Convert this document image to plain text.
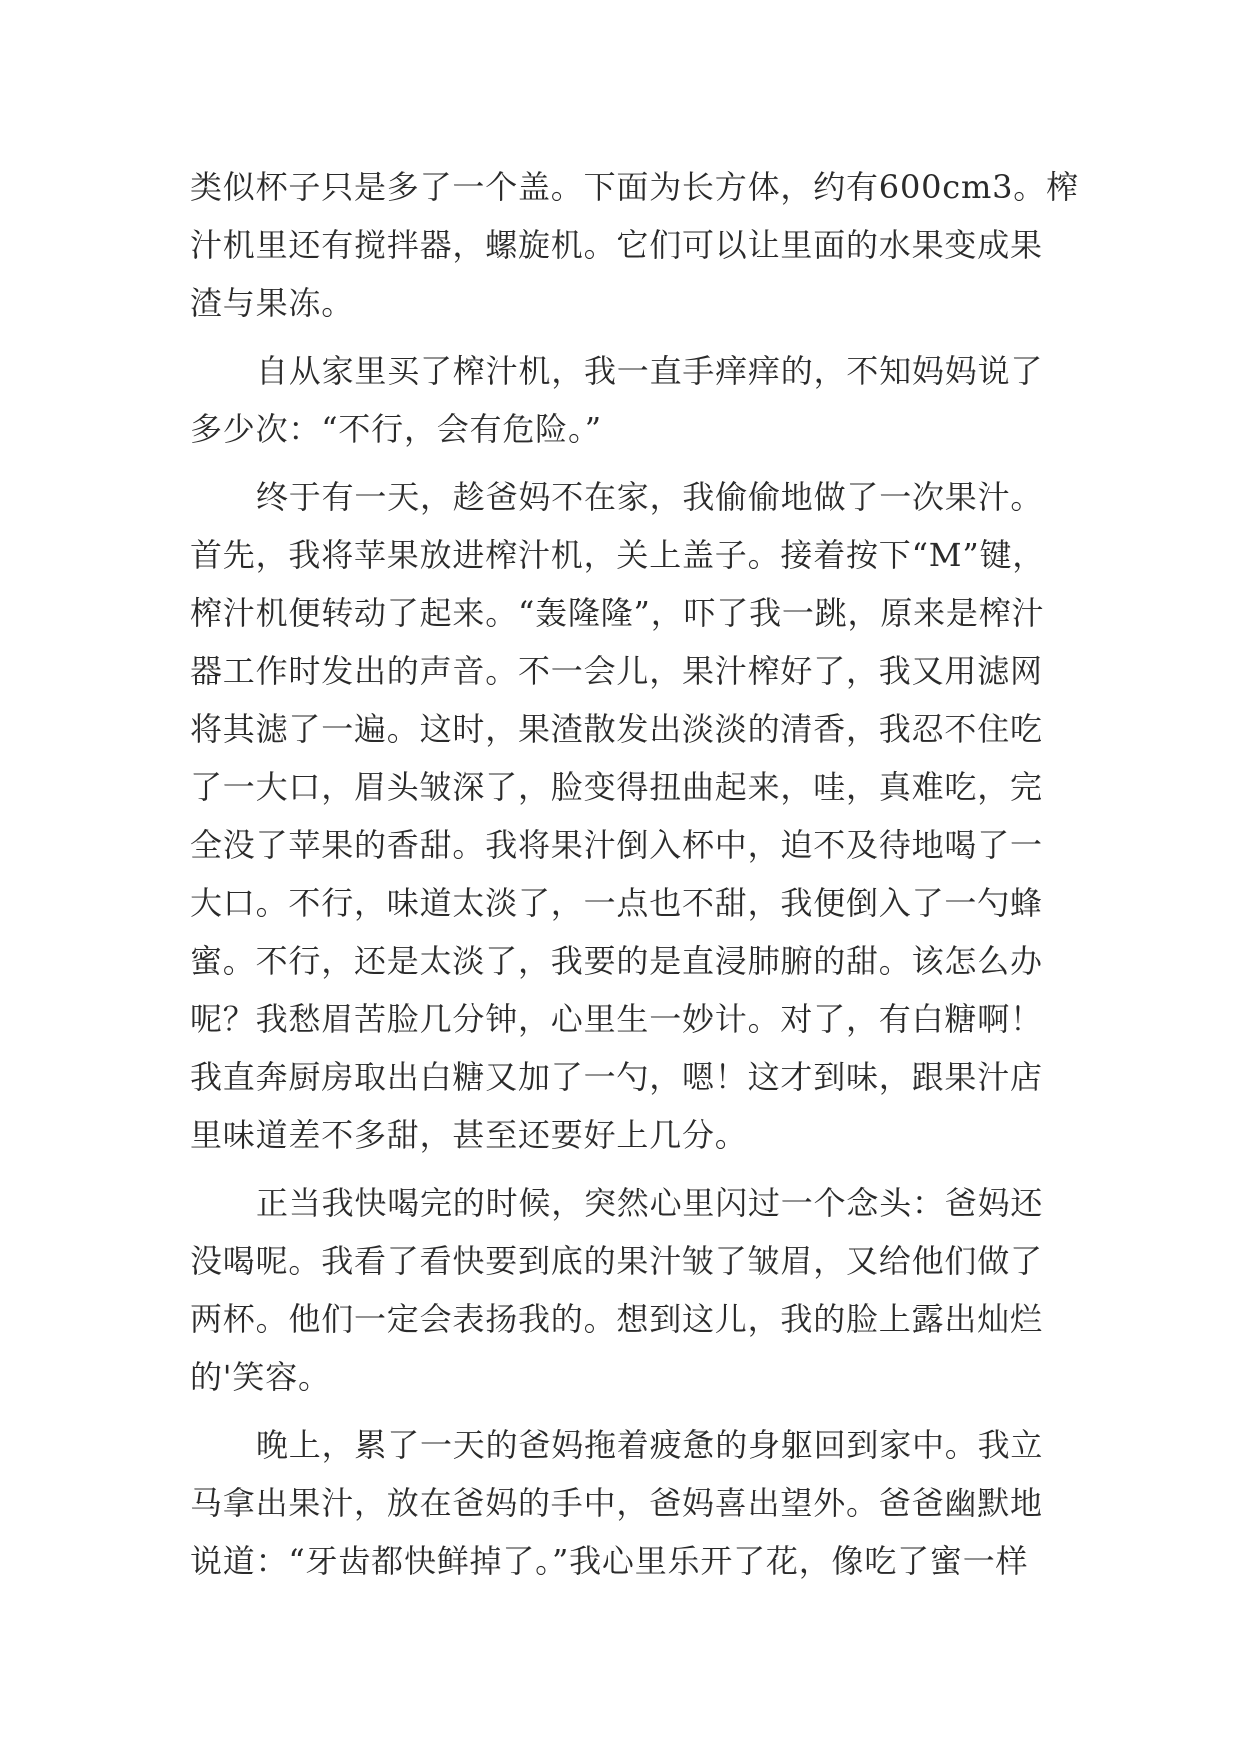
类似杯子只是多了一个盖。下面为长方体，约有600cm3。榨
汁机里还有搅拌器，螺旋机。它们可以让里面的水果变成果
渣与果冻。
自从家里买了榨汁机，我一直手痒痒的，不知妈妈说了
多少次：“不行，会有危险。”
终于有一天，趁爸妈不在家，我偷偷地做了一次果汁。
首先，我将苹果放进榨汁机，关上盖子。接着按下“M”键，
榨汁机便转动了起来。“轰隆隆”，吓了我一跳，原来是榨汁
器工作时发出的声音。不一会儿，果汁榨好了，我又用滤网
将其滤了一遍。这时，果渣散发出淡淡的清香，我忍不住吃
了一大口，眉头皱深了，脸变得扭曲起来，哇，真难吃，完
全没了苹果的香甜。我将果汁倒入杯中，迫不及待地喝了一
大口。不行，味道太淡了，一点也不甜，我便倒入了一勺蜂
蜜。不行，还是太淡了，我要的是直浸肺腑的甜。该怎么办
呢？我愁眉苦脸几分钟，心里生一妙计。对了，有白糖啊！
我直奔厨房取出白糖又加了一勺，嗯！这才到味，跟果汁店
里味道差不多甜，甚至还要好上几分。
正当我快喝完的时候，突然心里闪过一个念头：爸妈还
没喝呢。我看了看快要到底的果汁皱了皱眉，又给他们做了
两杯。他们一定会表扬我的。想到这儿，我的脸上露出灿烂
的'笑容。
晚上，累了一天的爸妈拖着疲惫的身躯回到家中。我立
马拿出果汁，放在爸妈的手中，爸妈喜出望外。爸爸幽默地
说道：“牙齿都快鲜掉了。”我心里乐开了花，像吃了蜜一样
